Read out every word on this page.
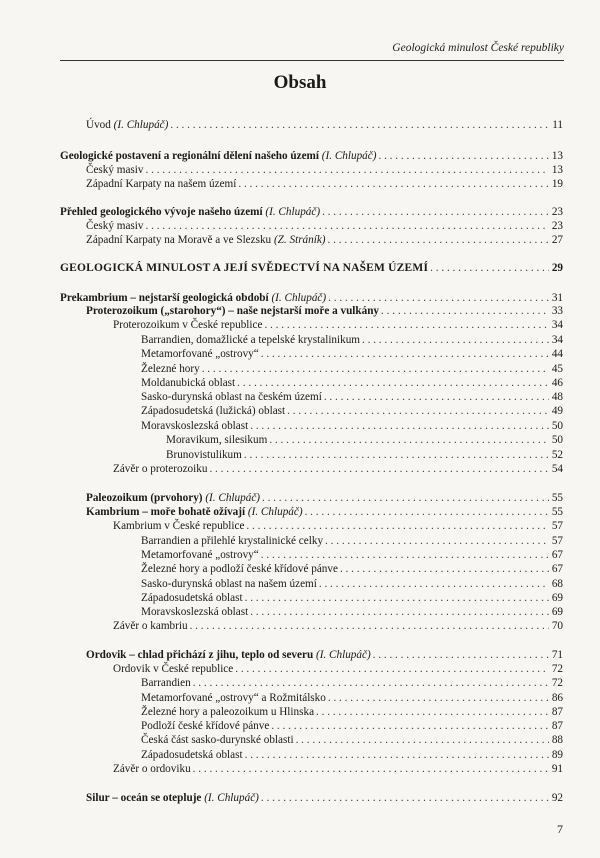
Geologická minulost České republiky
Obsah
Úvod (I. Chlupáč) . . .	11
Geologické postavení a regionální dělení našeho území (I. Chlupáč) . . .	13
Český masiv . . .	13
Západní Karpaty na našem území . . .	19
Přehled geologického vývoje našeho území (I. Chlupáč) . . .	23
Český masiv . . .	23
Západní Karpaty na Moravě a ve Slezsku (Z. Stráník) . . .	27
GEOLOGICKÁ MINULOST A JEJÍ SVĚDECTVÍ NA NAŠEM ÚZEMÍ . . .	29
Prekambrium – nejstarší geologická období (I. Chlupáč) . . .	31
Proterozoikum („starohory“) – naše nejstarší moře a vulkány . . .	33
Proterozoikum v České republice . . .	34
Barrandien, domažlické a tepelské krystalinikum . . .	34
Metamorfované „ostrovy“ . . .	44
Železné hory . . .	45
Moldanubická oblast . . .	46
Sasko-durynská oblast na českém území . . .	48
Západosudetská (lužická) oblast . . .	49
Moravskoslezská oblast . . .	50
Moravikum, silesikum . . .	50
Brunovistulikum . . .	52
Závěr o proterozoiku . . .	54
Paleozoikum (prvohory) (I. Chlupáč) . . .	55
Kambrium – moře bohatě ožívají (I. Chlupáč) . . .	55
Kambrium v České republice . . .	57
Barrandien a přilehlé krystalinické celky . . .	57
Metamorfované „ostrovy“ . . .	67
Železné hory a podloží české křídové pánve . . .	67
Sasko-durynská oblast na našem území . . .	68
Západosudetská oblast . . .	69
Moravskoslezská oblast . . .	69
Závěr o kambriu . . .	70
Ordovik – chlad přichází z jihu, teplo od severu (I. Chlupáč) . . .	71
Ordovik v České republice . . .	72
Barrandien . . .	72
Metamorfované „ostrovy“ a Rožmitálsko . . .	86
Železné hory a paleozoikum u Hlinska . . .	87
Podloží české křídové pánve . . .	87
Česká část sasko-durynské oblasti . . .	88
Západosudetská oblast . . .	89
Závěr o ordoviku . . .	91
Silur – oceán se otepluje (I. Chlupáč) . . .	92
7
